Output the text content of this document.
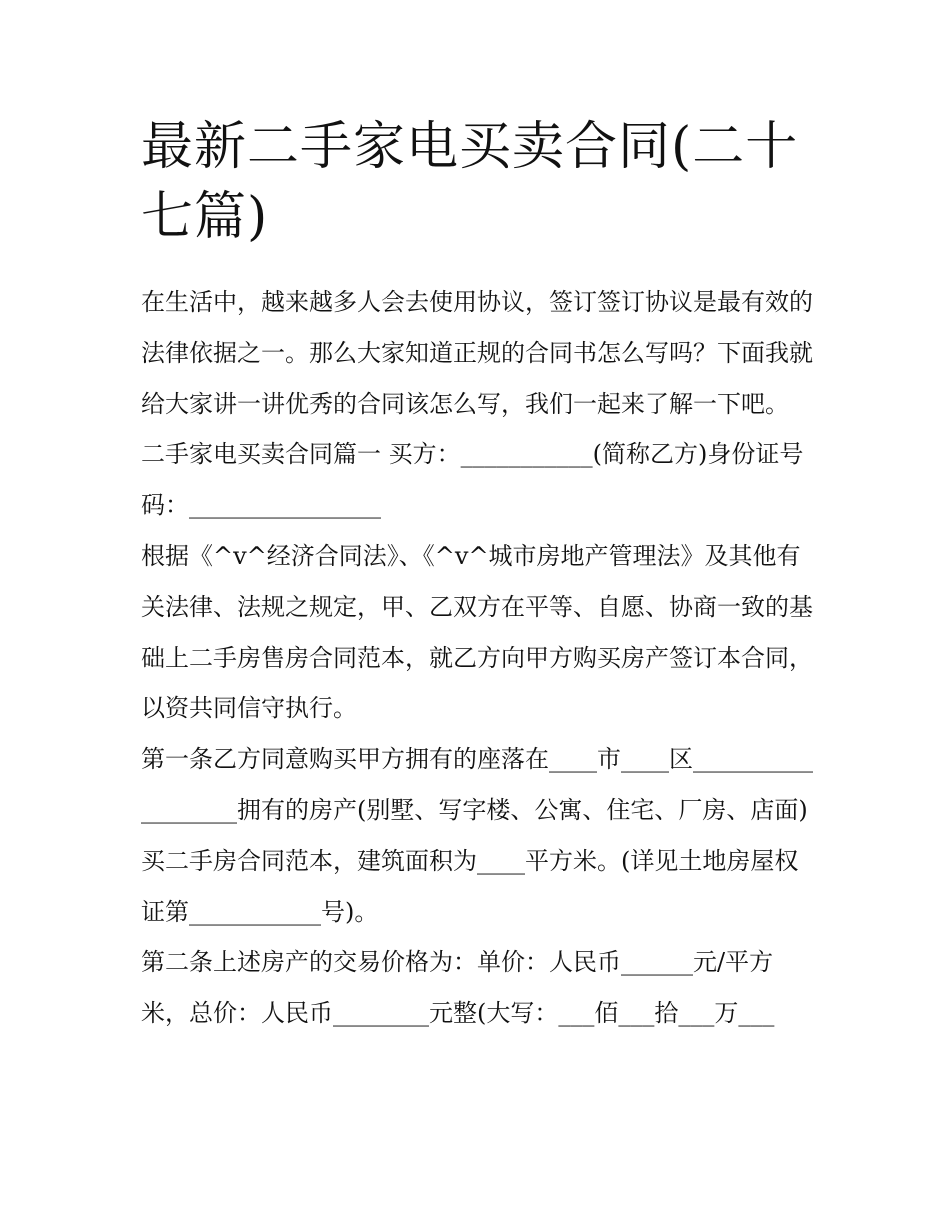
最新二手家电买卖合同(二十七篇)

在生活中，越来越多人会去使用协议，签订签订协议是最有效的法律依据之一。那么大家知道正规的合同书怎么写吗？下面我就给大家讲一讲优秀的合同该怎么写，我们一起来了解一下吧。

二手家电买卖合同篇一 买方：___________(简称乙方)身份证号码：________________

根据《^v^经济合同法》、《^v^城市房地产管理法》及其他有关法律、法规之规定，甲、乙双方在平等、自愿、协商一致的基础上二手房售房合同范本，就乙方向甲方购买房产签订本合同，以资共同信守执行。

第一条乙方同意购买甲方拥有的座落在____市____区__________________拥有的房产(别墅、写字楼、公寓、住宅、厂房、店面)买二手房合同范本，建筑面积为____平方米。(详见土地房屋权证第___________号)。

第二条上述房产的交易价格为：单价：人民币______元/平方米，总价：人民币________元整(大写：___佰___拾___万___
